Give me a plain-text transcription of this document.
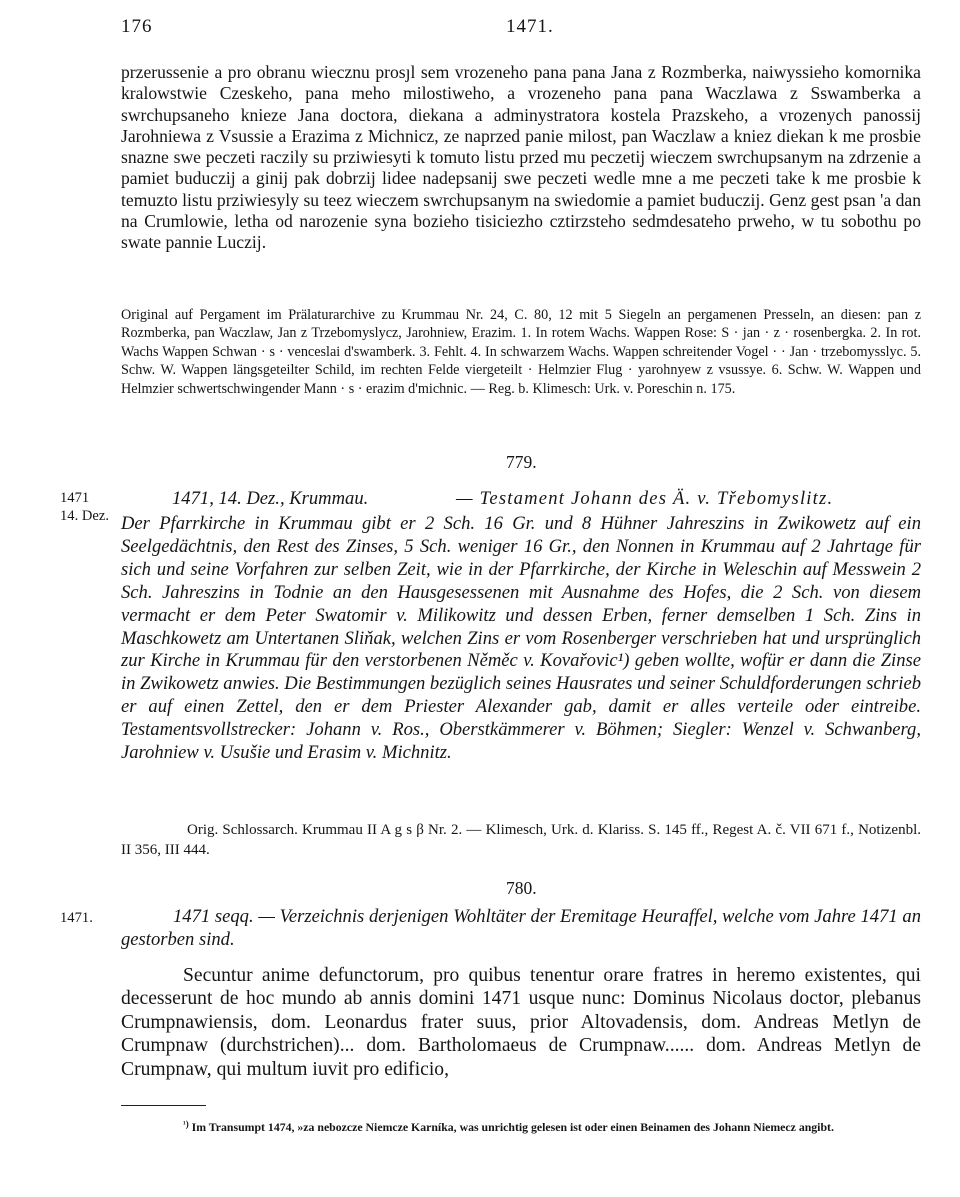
176	1471.

przerussenie a pro obranu wiecznu prosȷl sem vrozeneho pana pana Jana z Rozmberka, naiwyssieho komornika kralowstwie Czeskeho, pana meho milostiweho, a vrozeneho pana pana Waczlawa z Sswamberka a swrchupsaneho knieze Jana doctora, diekana a adminystratora kostela Prazskeho, a vrozenych panossij Jarohniewa z Vsussie a Erazima z Michnicz, ze naprzed panie milost, pan Waczlaw a kniez diekan k me prosbie snazne swe peczeti raczily su prziwiesyti k tomuto listu przed mu peczetij wieczem swrchupsanym na zdrzenie a pamiet buduczij a ginij pak dobrzij lidee nadepsanij swe peczeti wedle mne a me peczeti take k me prosbie k temuzto listu prziwiesyly su teez wieczem swrchupsanym na swiedomie a pamiet buduczij. Genz gest psan 'a dan na Crumlowie, letha od narozenie syna bozieho tisiciezho cztirzsteho sedmdesateho prweho, w tu sobothu po swate pannie Luczij.

Original auf Pergament im Prälaturarchive zu Krummau Nr. 24, C. 80, 12 mit 5 Siegeln an pergamenen Presseln, an diesen: pan z Rozmberka, pan Waczlaw, Jan z Trzebomyslycz, Jarohniew, Erazim. 1. In rotem Wachs. Wappen Rose: S · jan · z · rosenbergka. 2. In rot. Wachs Wappen Schwan · s · venceslai d'swamberk. 3. Fehlt. 4. In schwarzem Wachs. Wappen schreitender Vogel · · Jan · trzebomysslyc. 5. Schw. W. Wappen längsgeteilter Schild, im rechten Felde viergeteilt · Helmzier Flug · yarohnyew z vsussye. 6. Schw. W. Wappen und Helmzier schwertschwingender Mann · s · erazim d'michnic. — Reg. b. Klimesch: Urk. v. Poreschin n. 175.

779.
1471
14. Dez.
1471, 14. Dez., Krummau.	— Testament Johann des Ä. v. Třebomyslitz.

Der Pfarrkirche in Krummau gibt er 2 Sch. 16 Gr. und 8 Hühner Jahreszins in Zwikowetz auf ein Seelgedächtnis, den Rest des Zinses, 5 Sch. weniger 16 Gr., den Nonnen in Krummau auf 2 Jahrtage für sich und seine Vorfahren zur selben Zeit, wie in der Pfarrkirche, der Kirche in Weleschin auf Messwein 2 Sch. Jahreszins in Todnie an den Hausgesessenen mit Ausnahme des Hofes, die 2 Sch. von diesem vermacht er dem Peter Swatomir v. Milikowitz und dessen Erben, ferner demselben 1 Sch. Zins in Maschkowetz am Untertanen Sliňak, welchen Zins er vom Rosenberger verschrieben hat und ursprünglich zur Kirche in Krummau für den verstorbenen Něměc v. Kovařovic¹) geben wollte, wofür er dann die Zinse in Zwikowetz anwies. Die Bestimmungen bezüglich seines Hausrates und seiner Schuldforderungen schrieb er auf einen Zettel, den er dem Priester Alexander gab, damit er alles verteile oder eintreibe. Testamentsvollstrecker: Johann v. Ros., Oberstkämmerer v. Böhmen; Siegler: Wenzel v. Schwanberg, Jarohniew v. Usušie und Erasim v. Michnitz.

Orig. Schlossarch. Krummau II A g s β Nr. 2. — Klimesch, Urk. d. Klariss. S. 145 ff., Regest A. č. VII 671 f., Notizenbl. II 356, III 444.

780.
1471.	1471 seqq. — Verzeichnis derjenigen Wohltäter der Eremitage Heuraffel, welche vom Jahre 1471 an gestorben sind.

Secuntur anime defunctorum, pro quibus tenentur orare fratres in heremo existentes, qui decesserunt de hoc mundo ab annis domini 1471 usque nunc: Dominus Nicolaus doctor, plebanus Crumpnawiensis, dom. Leonardus frater suus, prior Altovadensis, dom. Andreas Metlyn de Crumpnaw (durchstrichen)... dom. Bartholomaeus de Crumpnaw...... dom. Andreas Metlyn de Crumpnaw, qui multum iuvit pro edificio,

$^{^1)}$ Im Transumpt 1474, »za nebozcze Niemcze Karníka, was unrichtig gelesen ist oder einen Beinamen des Johann Niemecz angibt.
